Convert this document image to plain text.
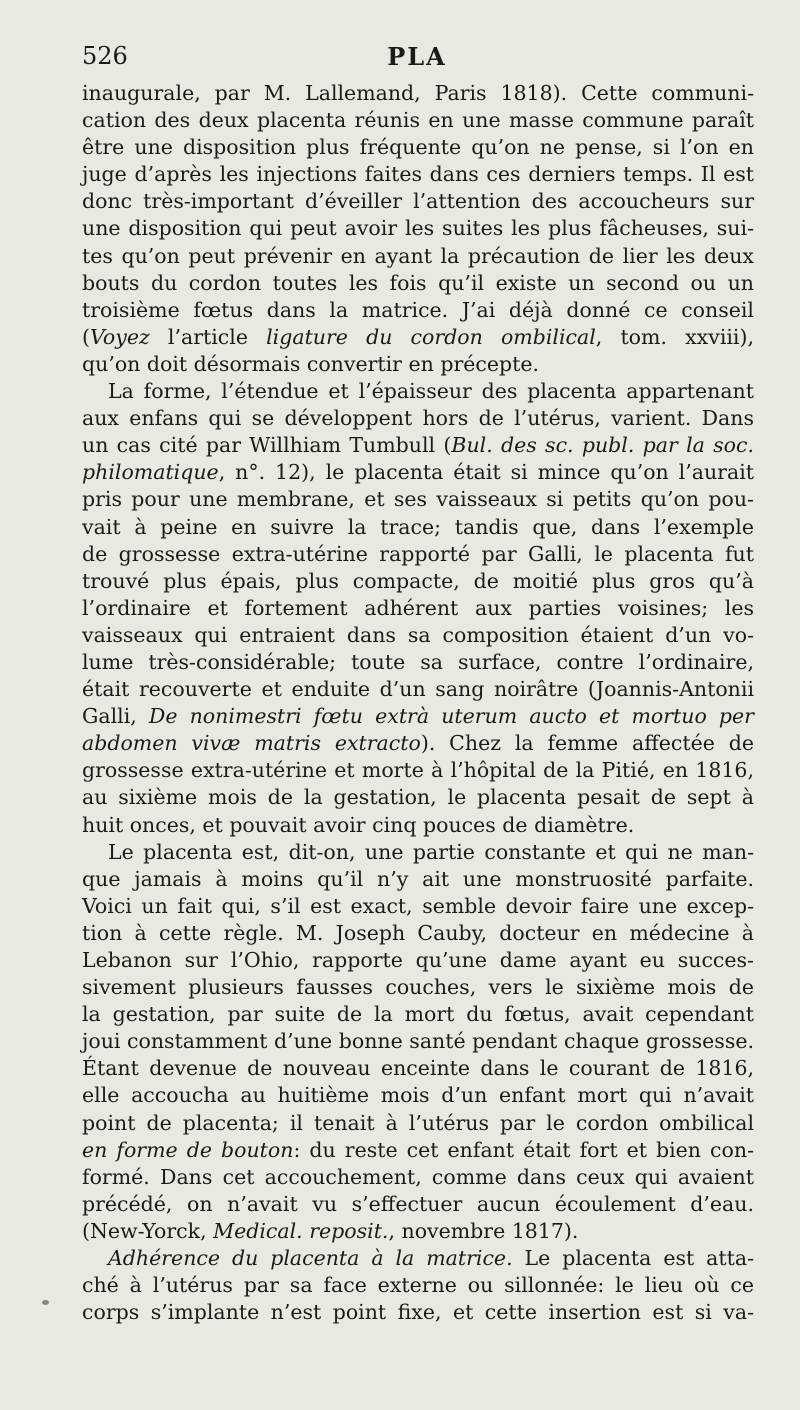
526	PLA
inaugurale, par M. Lallemand, Paris 1818). Cette communi-
cation des deux placenta réunis en une masse commune paraît
être une disposition plus fréquente qu’on ne pense, si l’on en
juge d’après les injections faites dans ces derniers temps. Il est
donc très-important d’éveiller l’attention des accoucheurs sur
une disposition qui peut avoir les suites les plus fâcheuses, sui-
tes qu’on peut prévenir en ayant la précaution de lier les deux
bouts du cordon toutes les fois qu’il existe un second ou un
troisième fœtus dans la matrice. J’ai déjà donné ce conseil
(Voyez l’article ligature du cordon ombilical, tom. xxviii),
qu’on doit désormais convertir en précepte.
La forme, l’étendue et l’épaisseur des placenta appartenant
aux enfans qui se développent hors de l’utérus, varient. Dans
un cas cité par Willhiam Tumbull (Bul. des sc. publ. par la soc.
philomatique, n°. 12), le placenta était si mince qu’on l’aurait
pris pour une membrane, et ses vaisseaux si petits qu’on pou-
vait à peine en suivre la trace; tandis que, dans l’exemple
de grossesse extra-utérine rapporté par Galli, le placenta fut
trouvé plus épais, plus compacte, de moitié plus gros qu’à
l’ordinaire et fortement adhérent aux parties voisines; les
vaisseaux qui entraient dans sa composition étaient d’un vo-
lume très-considérable; toute sa surface, contre l’ordinaire,
était recouverte et enduite d’un sang noirâtre (Joannis-Antonii
Galli, De nonimestri fœtu extrà uterum aucto et mortuo per
abdomen vivæ matris extracto). Chez la femme affectée de
grossesse extra-utérine et morte à l’hôpital de la Pitié, en 1816,
au sixième mois de la gestation, le placenta pesait de sept à
huit onces, et pouvait avoir cinq pouces de diamètre.
Le placenta est, dit-on, une partie constante et qui ne man-
que jamais à moins qu’il n’y ait une monstruosité parfaite.
Voici un fait qui, s’il est exact, semble devoir faire une excep-
tion à cette règle. M. Joseph Cauby, docteur en médecine à
Lebanon sur l’Ohio, rapporte qu’une dame ayant eu succes-
sivement plusieurs fausses couches, vers le sixième mois de
la gestation, par suite de la mort du fœtus, avait cependant
joui constamment d’une bonne santé pendant chaque grossesse.
Étant devenue de nouveau enceinte dans le courant de 1816,
elle accoucha au huitième mois d’un enfant mort qui n’avait
point de placenta; il tenait à l’utérus par le cordon ombilical
en forme de bouton: du reste cet enfant était fort et bien con-
formé. Dans cet accouchement, comme dans ceux qui avaient
précédé, on n’avait vu s’effectuer aucun écoulement d’eau.
(New-Yorck, Medical. reposit., novembre 1817).
Adhérence du placenta à la matrice. Le placenta est atta-
ché à l’utérus par sa face externe ou sillonnée: le lieu où ce
corps s’implante n’est point fixe, et cette insertion est si va-
